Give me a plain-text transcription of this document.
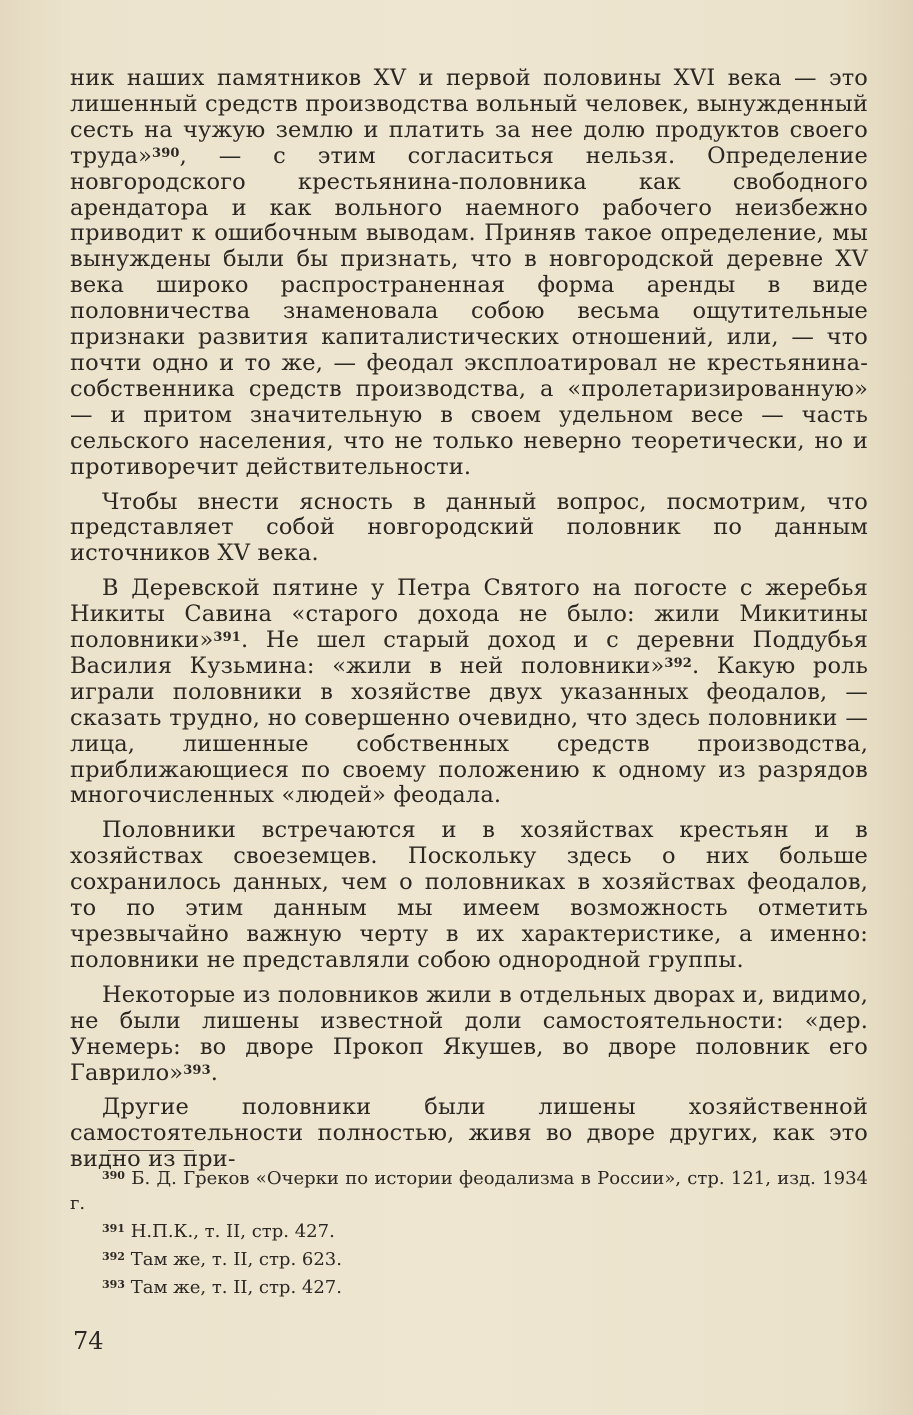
ник наших памятников XV и первой половины XVI века — это лишенный средств производства вольный человек, вынужденный сесть на чужую землю и платить за нее долю продуктов своего труда»$^{390}$, — с этим согласиться нельзя. Определение новгородского крестьянина-половника как свободного арендатора и как вольного наемного рабочего неизбежно приводит к ошибочным выводам. Приняв такое определение, мы вынуждены были бы признать, что в новгородской деревне XV века широко распространенная форма аренды в виде половничества знаменовала собою весьма ощутительные признаки развития капиталистических отношений, или, — что почти одно и то же, — феодал эксплоатировал не крестьянина-собственника средств производства, а «пролетаризированную» — и притом значительную в своем удельном весе — часть сельского населения, что не только неверно теоретически, но и противоречит действительности.

Чтобы внести ясность в данный вопрос, посмотрим, что представляет собой новгородский половник по данным источников XV века.

В Деревской пятине у Петра Святого на погосте с жеребья Никиты Савина «старого дохода не было: жили Микитины половники»$^{391}$. Не шел старый доход и с деревни Поддубья Василия Кузьмина: «жили в ней половники»$^{392}$. Какую роль играли половники в хозяйстве двух указанных феодалов, — сказать трудно, но совершенно очевидно, что здесь половники — лица, лишенные собственных средств производства, приближающиеся по своему положению к одному из разрядов многочисленных «людей» феодала.

Половники встречаются и в хозяйствах крестьян и в хозяйствах своеземцев. Поскольку здесь о них больше сохранилось данных, чем о половниках в хозяйствах феодалов, то по этим данным мы имеем возможность отметить чрезвычайно важную черту в их характеристике, а именно: половники не представляли собою однородной группы.

Некоторые из половников жили в отдельных дворах и, видимо, не были лишены известной доли самостоятельности: «дер. Унемерь: во дворе Прокоп Якушев, во дворе половник его Гаврило»$^{393}$.

Другие половники были лишены хозяйственной самостоятельности полностью, живя во дворе других, как это видно из при-

$^{390}$ Б. Д. Греков «Очерки по истории феодализма в России», стр. 121, изд. 1934 г.

$^{391}$ Н.П.К., т. II, стр. 427.

$^{392}$ Там же, т. II, стр. 623.

$^{393}$ Там же, т. II, стр. 427.

74
